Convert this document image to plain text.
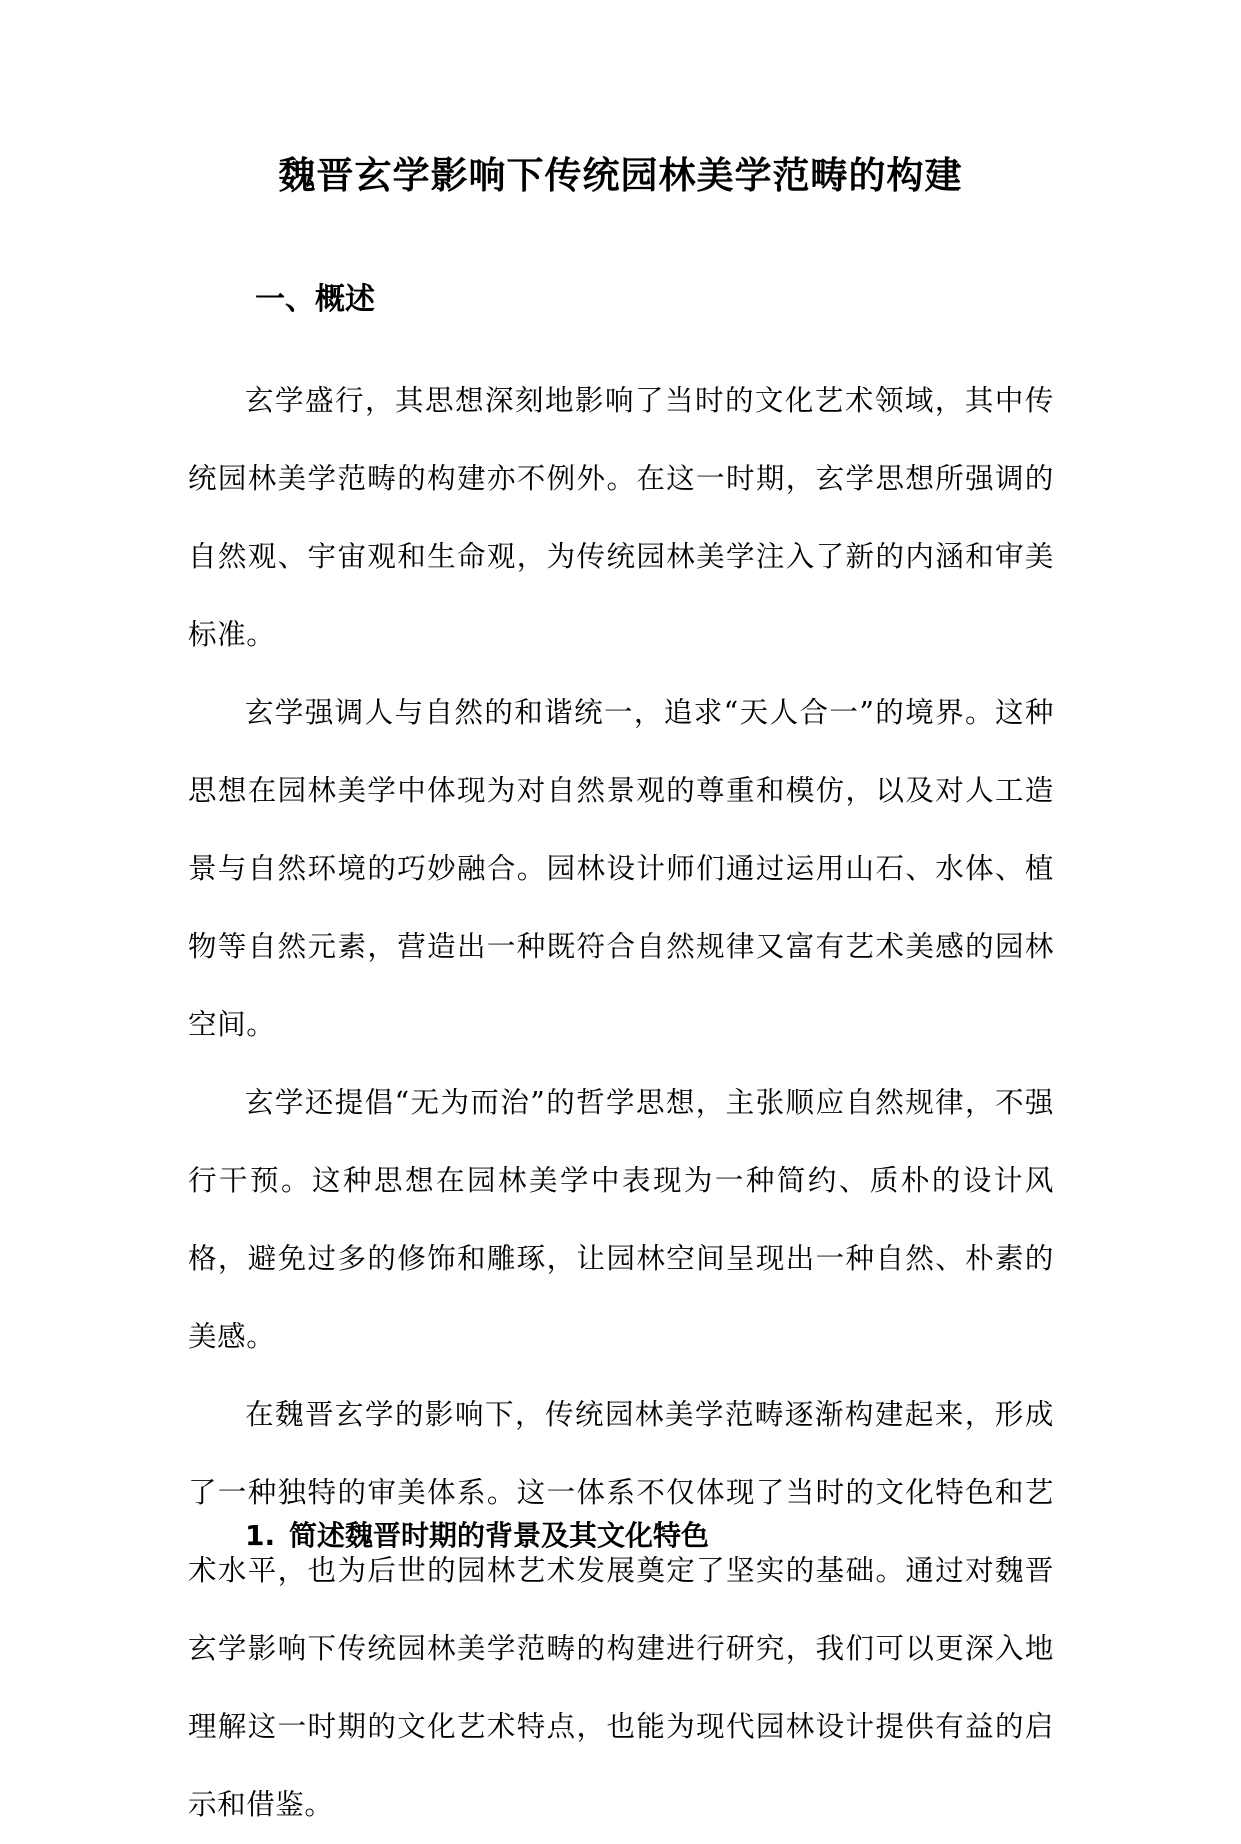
魏晋玄学影响下传统园林美学范畴的构建
一、概述

玄学盛行，其思想深刻地影响了当时的文化艺术领域，其中传统园林美学范畴的构建亦不例外。在这一时期，玄学思想所强调的自然观、宇宙观和生命观，为传统园林美学注入了新的内涵和审美标准。

玄学强调人与自然的和谐统一，追求“天人合一”的境界。这种思想在园林美学中体现为对自然景观的尊重和模仿，以及对人工造景与自然环境的巧妙融合。园林设计师们通过运用山石、水体、植物等自然元素，营造出一种既符合自然规律又富有艺术美感的园林空间。

玄学还提倡“无为而治”的哲学思想，主张顺应自然规律，不强行干预。这种思想在园林美学中表现为一种简约、质朴的设计风格，避免过多的修饰和雕琢，让园林空间呈现出一种自然、朴素的美感。

在魏晋玄学的影响下，传统园林美学范畴逐渐构建起来，形成了一种独特的审美体系。这一体系不仅体现了当时的文化特色和艺术水平，也为后世的园林艺术发展奠定了坚实的基础。通过对魏晋玄学影响下传统园林美学范畴的构建进行研究，我们可以更深入地理解这一时期的文化艺术特点，也能为现代园林设计提供有益的启示和借鉴。

1. 简述魏晋时期的背景及其文化特色
